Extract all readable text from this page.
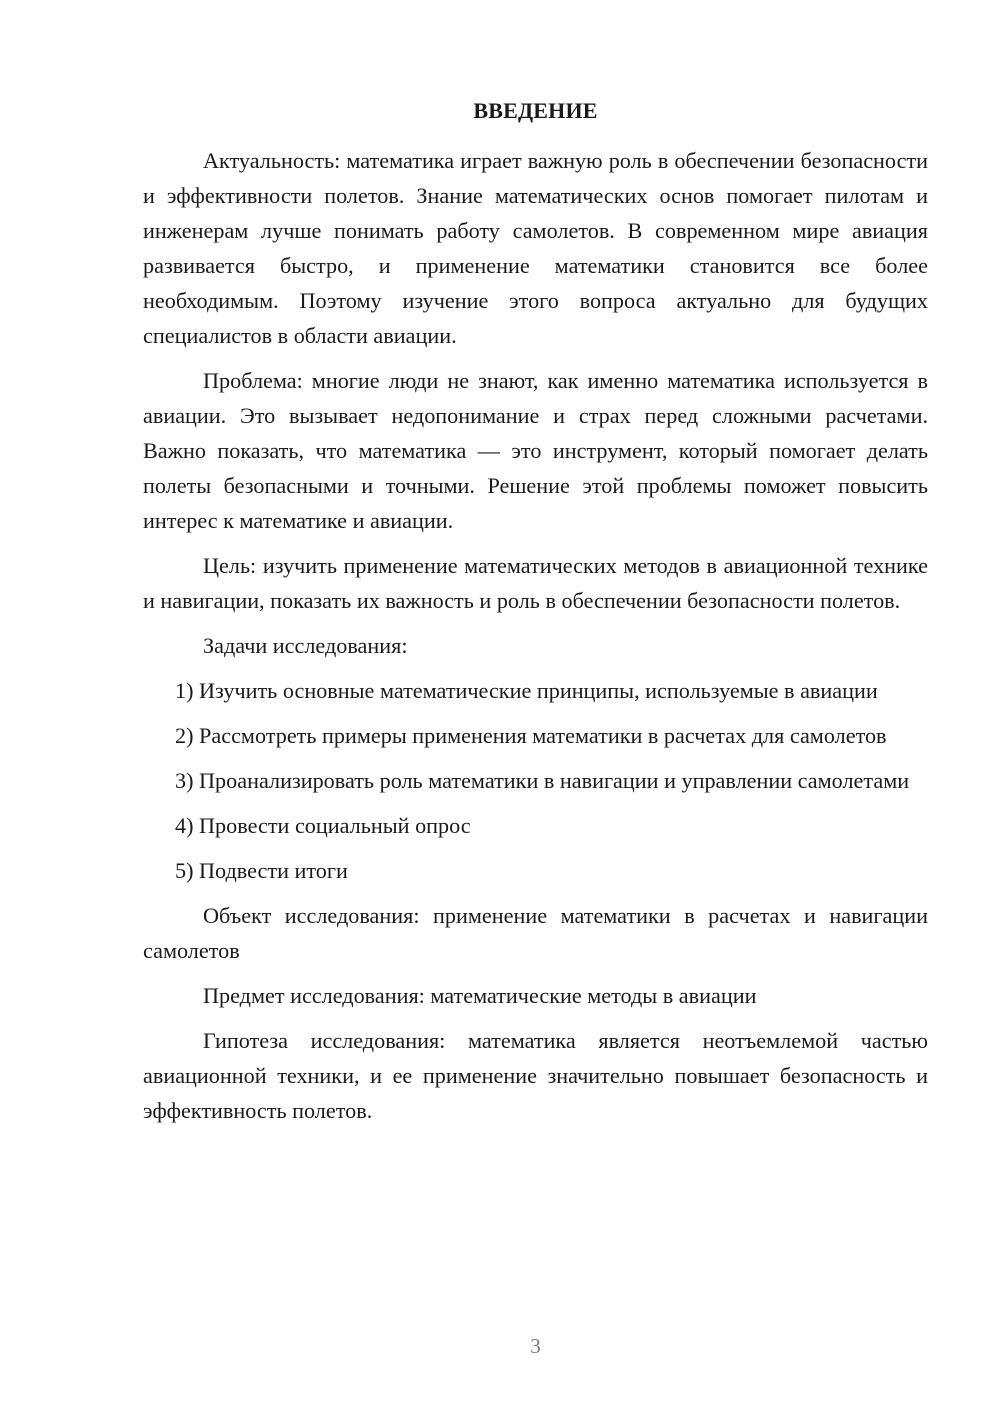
ВВЕДЕНИЕ

Актуальность: математика играет важную роль в обеспечении безопасности и эффективности полетов. Знание математических основ помогает пилотам и инженерам лучше понимать работу самолетов. В современном мире авиация развивается быстро, и применение математики становится все более необходимым. Поэтому изучение этого вопроса актуально для будущих специалистов в области авиации.

Проблема: многие люди не знают, как именно математика используется в авиации. Это вызывает недопонимание и страх перед сложными расчетами. Важно показать, что математика — это инструмент, который помогает делать полеты безопасными и точными. Решение этой проблемы поможет повысить интерес к математике и авиации.

Цель: изучить применение математических методов в авиационной технике и навигации, показать их важность и роль в обеспечении безопасности полетов.

Задачи исследования:

1) Изучить основные математические принципы, используемые в авиации

2) Рассмотреть примеры применения математики в расчетах для самолетов

3) Проанализировать роль математики в навигации и управлении самолетами

4) Провести социальный опрос

5) Подвести итоги

Объект исследования: применение математики в расчетах и навигации самолетов

Предмет исследования: математические методы в авиации

Гипотеза исследования: математика является неотъемлемой частью авиационной техники, и ее применение значительно повышает безопасность и эффективность полетов.

3
